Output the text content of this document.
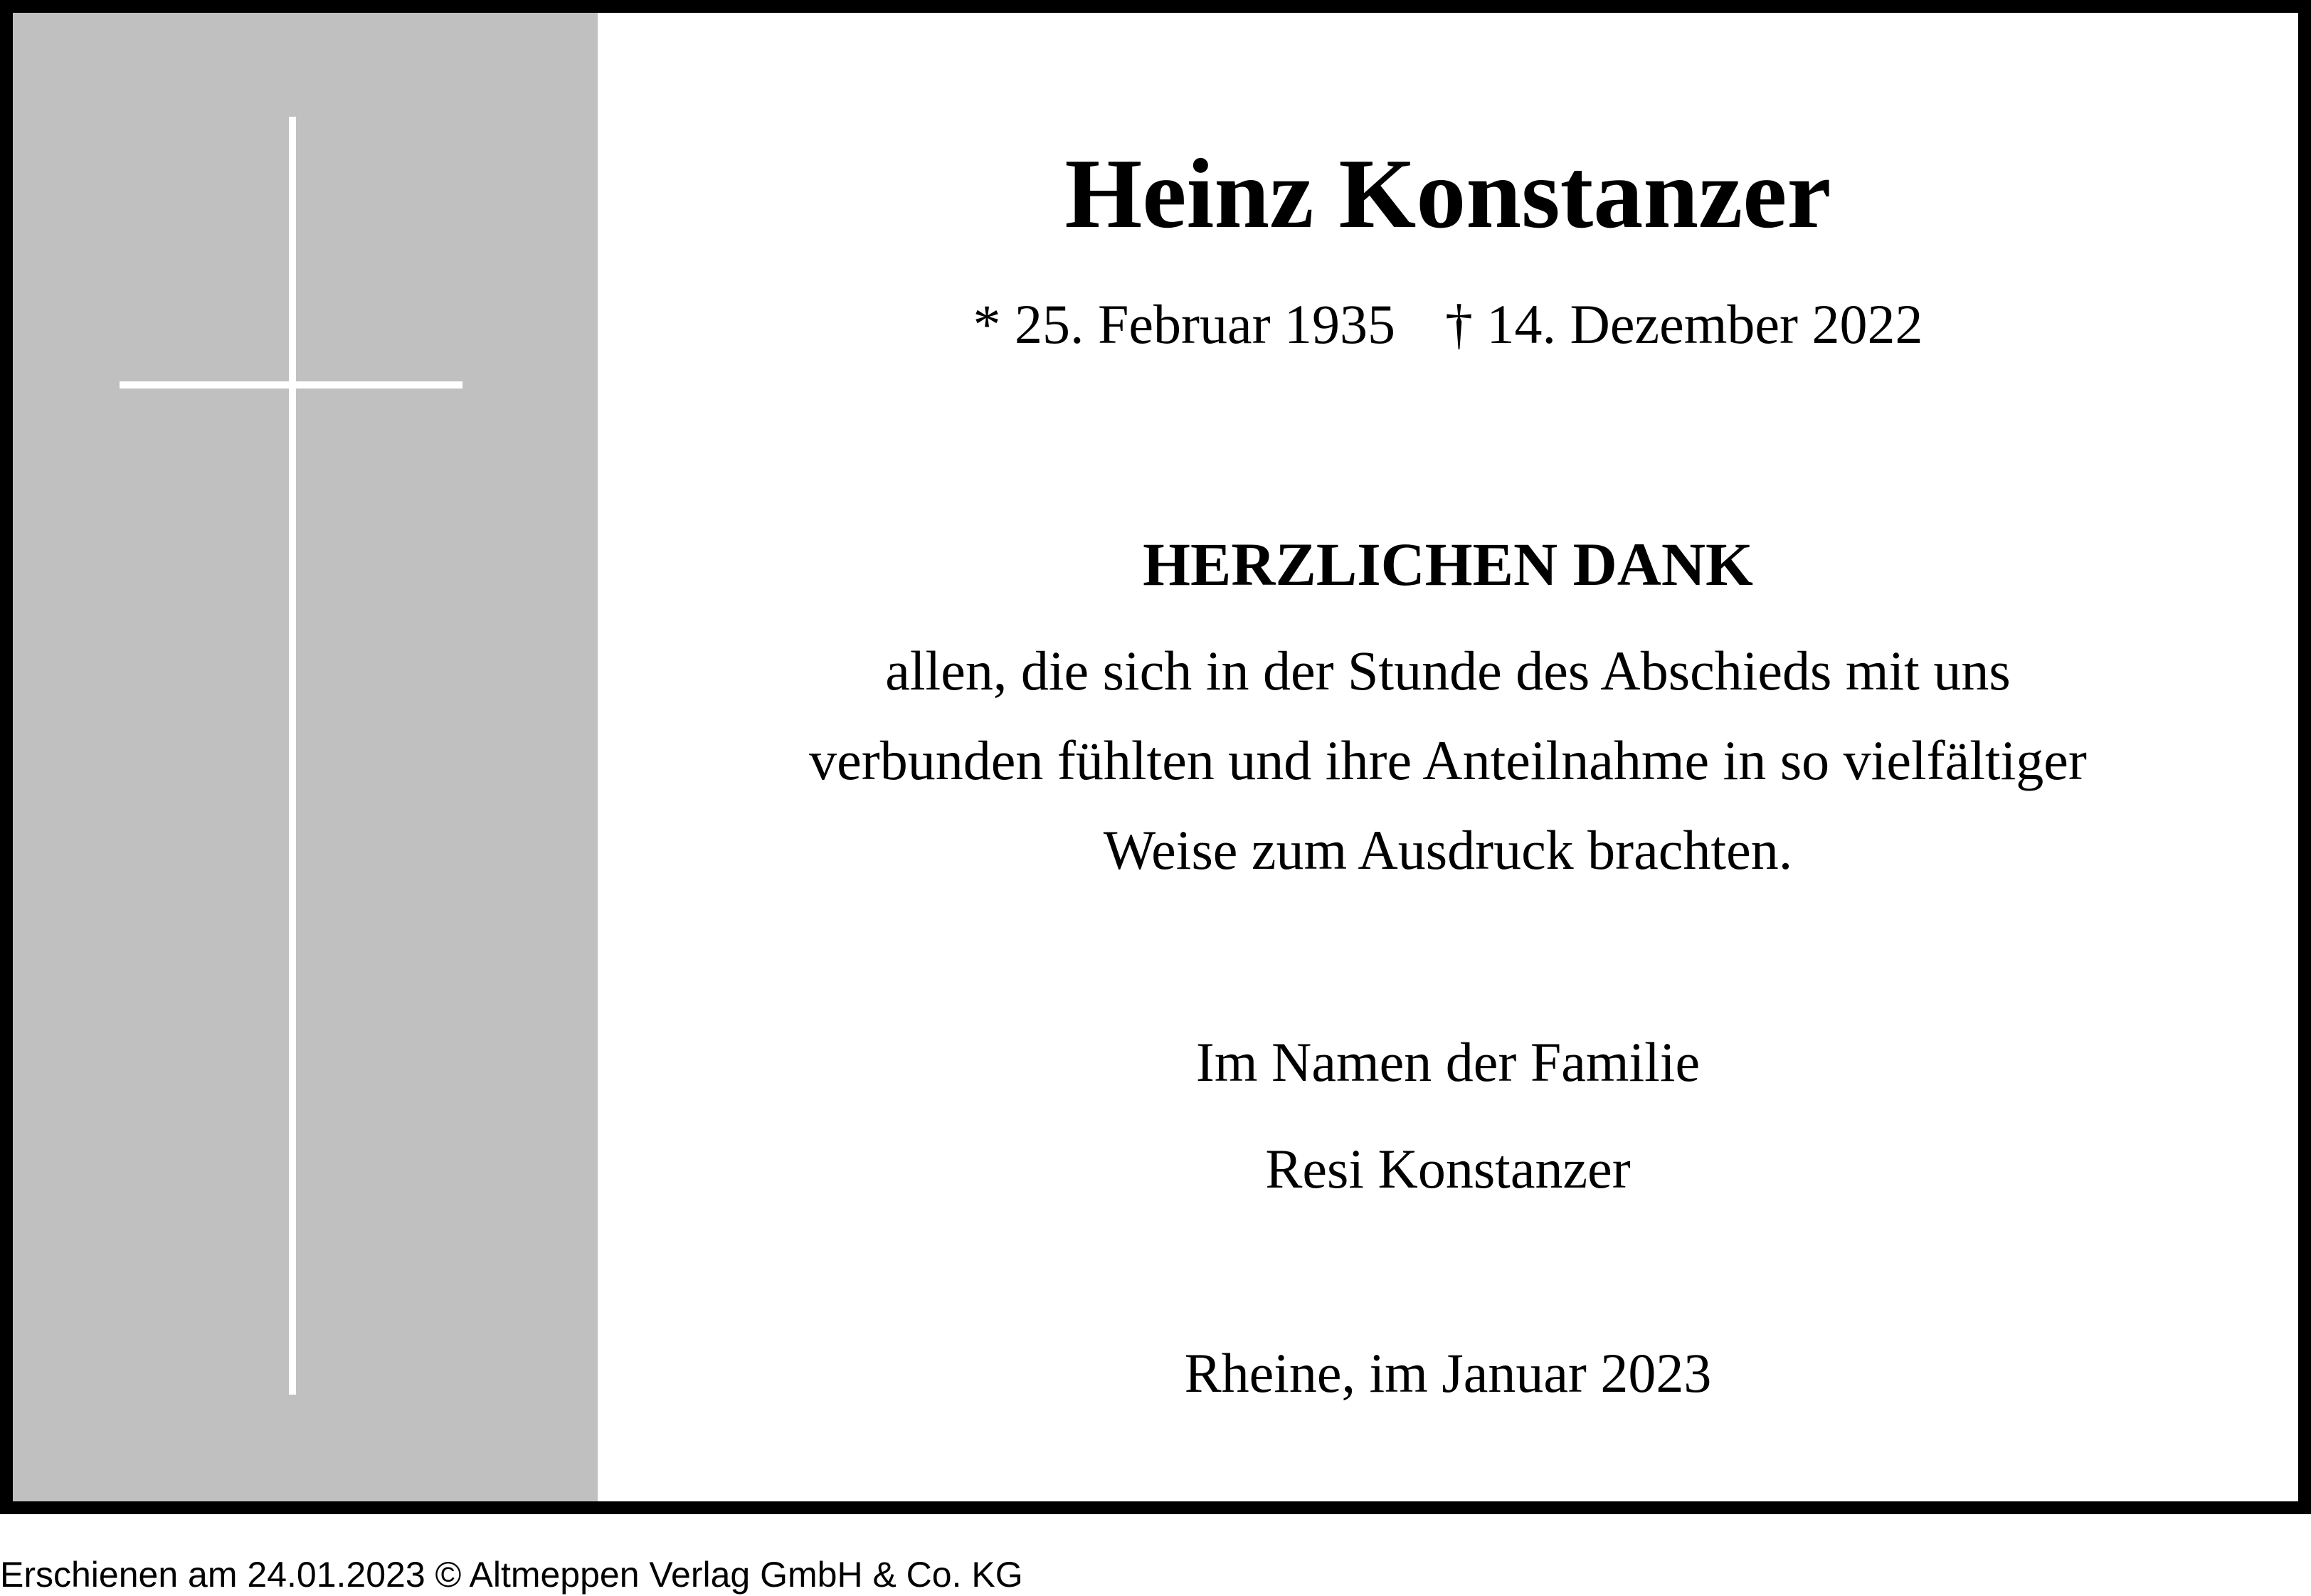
Heinz Konstanzer
* 25. Februar 1935 † 14. Dezember 2022
HERZLICHEN DANK
allen, die sich in der Stunde des Abschieds mit uns
verbunden fühlten und ihre Anteilnahme in so vielfältiger
Weise zum Ausdruck brachten.
Im Namen der Familie
Resi Konstanzer
Rheine, im Januar 2023
Erschienen am 24.01.2023 © Altmeppen Verlag GmbH & Co. KG
